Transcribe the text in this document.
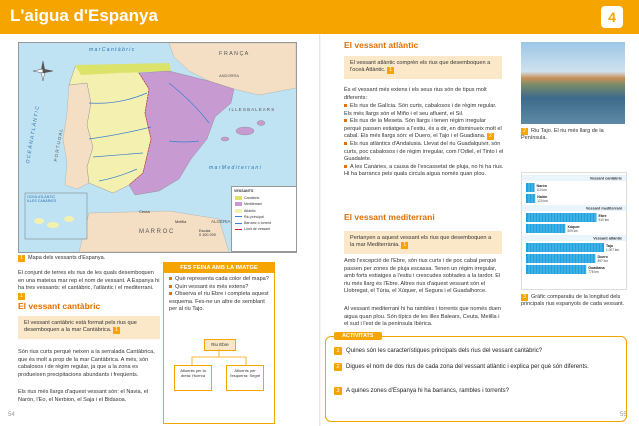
L'aigua d'Espanya	4
m a r C a n t à b r i c
F R A N Ç A
ANDORRA
P O R T U G A L
O C E À N A T L À N T I C
m a r M e d i t e r r a n i
I L L E S B A L E A R S
OCEÀ ATLÀNTIC
ILLES CANÀRIES
M A R R O C
ALGÈRIA
Ceuta
Melilla
Escala
0 100 200
VESSANTS
Cantàbric
Mediterrani
Atlàntic
Riu principal
Barranc o torrent
Límit de vessant
1 Mapa dels vessants d'Espanya.
El conjunt de terres els rius de les quals desemboquen en una mateixa mar rep el nom de vessant. A Espanya hi ha tres vessants: el cantàbric, l'atlàntic i el mediterrani. 1
El vessant cantàbric
El vessant cantàbric està format pels rius que desemboquen a la mar Cantàbrica. 1
Són rius curts perquè neixen a la serralada Cantàbrica, que és molt a prop de la mar Cantàbrica. A més, són cabalosos i de règim regular, ja que a la zona es produeixen precipitacions abundants i freqüents.
Els rius més llargs d'aquest vessant són: el Navia, el Narón, l'Eo, el Nerbion, el Saja i el Bidasoa.
54
FES FEINA AMB LA IMATGE
Què representa cada color del mapa?
Quin vessant és més extens?
Observa el riu Ebre i completa aquest esquema. Fes-ne un altre de semblant per al riu Tajo.
Riu Ebre
Afluents per la dreta: Huerva
Afluents per l'esquerra: Segre
El vessant atlàntic
El vessant atlàntic comprèn els rius que desemboquen a l'oceà Atlàntic. 1
És el vessant més extens i els seus rius són de tipus molt diferents:
Els rius de Galícia. Són curts, cabalosos i de règim regular. Els més llargs són el Miño i el seu afluent, el Sil.
Els rius de la Meseta. Són llargs i tenen règim irregular perquè passen estiatges a l'estiu, és a dir, en disminueix molt el cabal. Els més llargs són: el Duero, el Tajo i el Guadiana. 2
Els rius atlàntics d'Andalusia. Llevat del riu Guadalquivir, són curts, poc cabalosos i de règim irregular, com l'Odiel, el Tinto i el Guadalete.
A les Canàries, a causa de l'escassetat de pluja, no hi ha rius. Hi ha barrancs pels quals circula aigua només quan plou.
El vessant mediterrani
Pertanyen a aquest vessant els rius que desemboquen a la mar Mediterrània. 1
Amb l'excepció de l'Ebre, són rius curts i de poc cabal perquè passen per zones de pluja escassa. Tenen un règim irregular, amb forts estiatges a l'estiu i crescudes sobtades a la tardor. El riu més llarg és l'Ebre. Altres rius d'aquest vessant són el Llobregat, el Túria, el Xúquer, el Segura i el Guadalhorce.
Al vessant mediterrani hi ha rambles i torrents que només duen aigua quan plou. Són típics de les illes Balears, Ceuta, Melilla i el sud i l'est de la península Ibèrica.
2 Riu Tajo. El riu més llarg de la Península.
Vessant cantàbric
Narón
110 km
Nalón
120 km
Vessant mediterrani
Ebre
910 km
Xúquer
509 km
Vessant atlàntic
Tajo
1.007 km
Duero
897 km
Guadiana
778 km
3 Gràfic comparatiu de la longitud dels principals rius espanyols de cada vessant.
ACTIVITATS
1 Quines són les característiques principals dels rius del vessant cantàbric?
2 Digues el nom de dos rius de cada zona del vessant atlàntic i explica per què són diferents.
3 A quines zones d'Espanya hi ha barrancs, rambles i torrents?
55
